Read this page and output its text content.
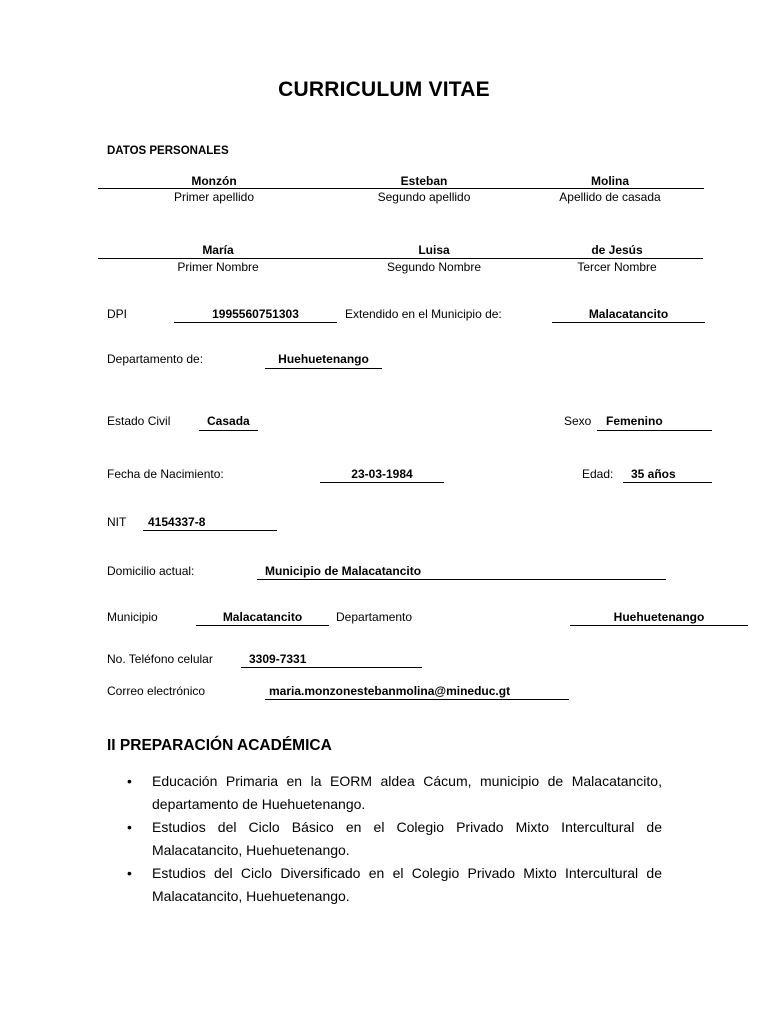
CURRICULUM VITAE
DATOS PERSONALES
Monzón	Esteban	Molina
Primer apellido	Segundo apellido	Apellido de casada
María	Luisa	de Jesús
Primer Nombre	Segundo Nombre	Tercer Nombre
DPI	1995560751303	Extendido en el Municipio de:	Malacatancito
Departamento de:	Huehuetenango
Estado Civil	Casada	Sexo Femenino
Fecha de Nacimiento:	23-03-1984	Edad: 35 años
NIT 4154337-8
Domicilio actual:	Municipio de Malacatancito
Municipio	Malacatancito	Departamento	Huehuetenango
No. Teléfono celular	3309-7331
Correo electrónico	maria.monzonestebanmolina@mineduc.gt
II PREPARACIÓN ACADÉMICA
• Educación Primaria en la EORM aldea Cácum, municipio de Malacatancito, departamento de Huehuetenango.
• Estudios del Ciclo Básico en el Colegio Privado Mixto Intercultural de Malacatancito, Huehuetenango.
• Estudios del Ciclo Diversificado en el Colegio Privado Mixto Intercultural de Malacatancito, Huehuetenango.
